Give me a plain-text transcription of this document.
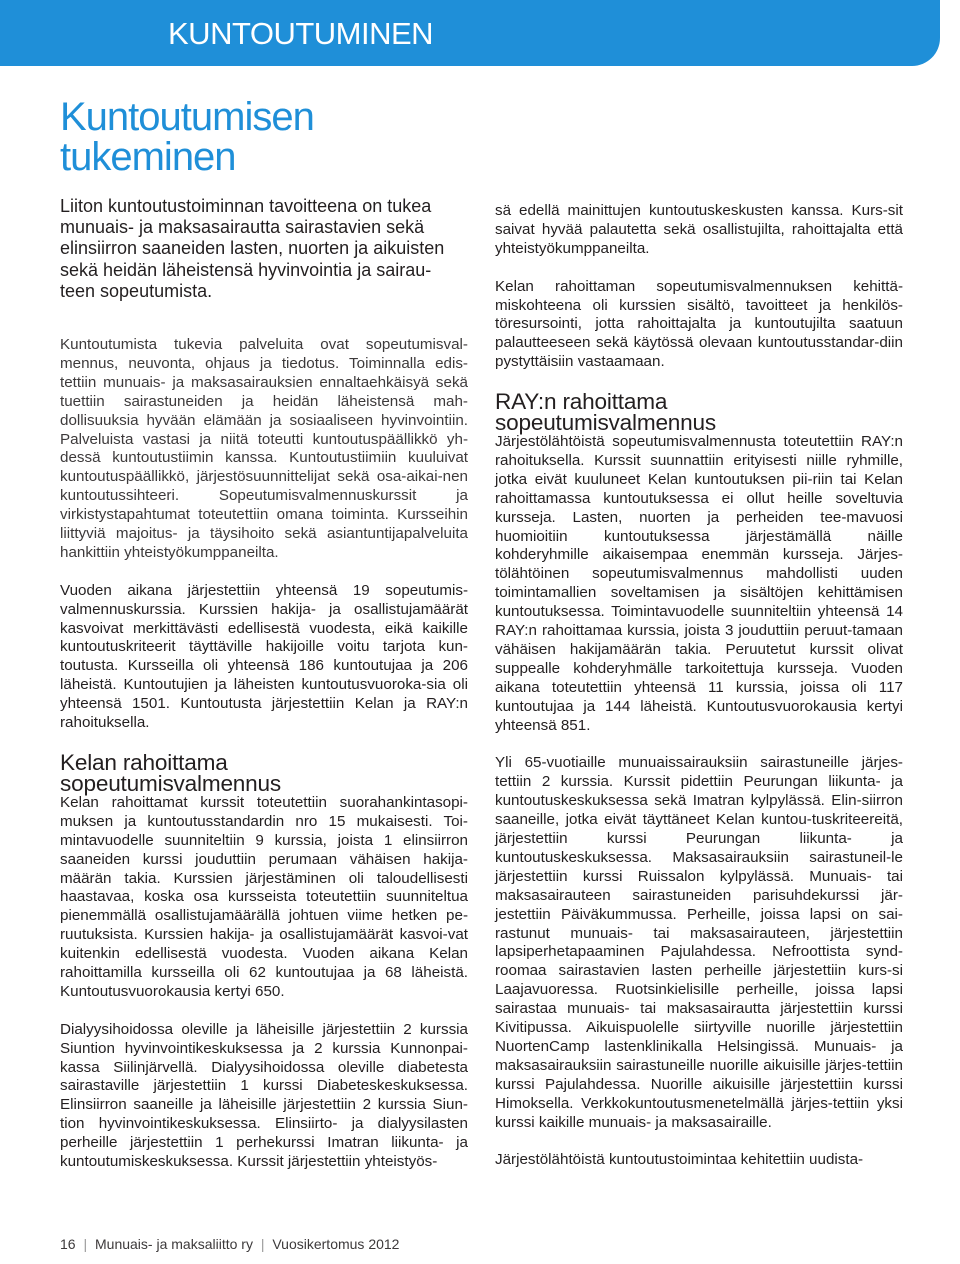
KUNTOUTUMINEN
Kuntoutumisen
tukeminen

Liiton kuntoutustoiminnan tavoitteena on tukea
munuais- ja maksasairautta sairastavien sekä
elinsiirron saaneiden lasten, nuorten ja aikuisten
sekä heidän läheistensä hyvinvointia ja sairau-
teen sopeutumista.

Kuntoutumista tukevia palveluita ovat sopeutumisval-mennus, neuvonta, ohjaus ja tiedotus. Toiminnalla edis-tettiin munuais- ja maksasairauksien ennaltaehkäisyä sekä tuettiin sairastuneiden ja heidän läheistensä mah-dollisuuksia hyvään elämään ja sosiaaliseen hyvinvointiin. Palveluista vastasi ja niitä toteutti kuntoutuspäällikkö yh-dessä kuntoutustiimin kanssa. Kuntoutustiimiin kuuluivat kuntoutuspäällikkö, järjestösuunnittelijat sekä osa-aikai-nen kuntoutussihteeri. Sopeutumisvalmennuskurssit ja virkistystapahtumat toteutettiin omana toiminta. Kursseihin liittyviä majoitus- ja täysihoito sekä asiantuntijapalveluita hankittiin yhteistyökumppaneilta.

Vuoden aikana järjestettiin yhteensä 19 sopeutumis-valmennuskurssia. Kurssien hakija- ja osallistujamäärät kasvoivat merkittävästi edellisestä vuodesta, eikä kaikille kuntoutuskriteerit täyttäville hakijoille voitu tarjota kun-toutusta. Kursseilla oli yhteensä 186 kuntoutujaa ja 206 läheistä. Kuntoutujien ja läheisten kuntoutusvuoroka-sia oli yhteensä 1501. Kuntoutusta järjestettiin Kelan ja RAY:n rahoituksella.

Kelan rahoittama
sopeutumisvalmennus

Kelan rahoittamat kurssit toteutettiin suorahankintasopi-muksen ja kuntoutusstandardin nro 15 mukaisesti. Toi-mintavuodelle suunniteltiin 9 kurssia, joista 1 elinsiirron saaneiden kurssi jouduttiin perumaan vähäisen hakija-määrän takia. Kurssien järjestäminen oli taloudellisesti haastavaa, koska osa kursseista toteutettiin suunniteltua pienemmällä osallistujamäärällä johtuen viime hetken pe-ruutuksista. Kurssien hakija- ja osallistujamäärät kasvoi-vat kuitenkin edellisestä vuodesta. Vuoden aikana Kelan rahoittamilla kursseilla oli 62 kuntoutujaa ja 68 läheistä. Kuntoutusvuorokausia kertyi 650.

Dialyysihoidossa oleville ja läheisille järjestettiin 2 kurssia Siuntion hyvinvointikeskuksessa ja 2 kurssia Kunnonpai-kassa Siilinjärvellä. Dialyysihoidossa oleville diabetesta sairastaville järjestettiin 1 kurssi Diabeteskeskuksessa. Elinsiirron saaneille ja läheisille järjestettiin 2 kurssia Siun-tion hyvinvointikeskuksessa. Elinsiirto- ja dialyysilasten perheille järjestettiin 1 perhekurssi Imatran liikunta- ja kuntoutumiskeskuksessa. Kurssit järjestettiin yhteistyös-

sä edellä mainittujen kuntoutuskeskusten kanssa. Kurs-sit saivat hyvää palautetta sekä osallistujilta, rahoittajalta että yhteistyökumppaneilta.

Kelan rahoittaman sopeutumisvalmennuksen kehittä-miskohteena oli kurssien sisältö, tavoitteet ja henkilös-töresursointi, jotta rahoittajalta ja kuntoutujilta saatuun palautteeseen sekä käytössä olevaan kuntoutusstandar-diin pystyttäisiin vastaamaan.

RAY:n rahoittama
sopeutumisvalmennus

Järjestölähtöistä sopeutumisvalmennusta toteutettiin RAY:n rahoituksella. Kurssit suunnattiin erityisesti niille ryhmille, jotka eivät kuuluneet Kelan kuntoutuksen pii-riin tai Kelan rahoittamassa kuntoutuksessa ei ollut heille soveltuvia kursseja. Lasten, nuorten ja perheiden tee-mavuosi huomioitiin kuntoutuksessa järjestämällä näille kohderyhmille aikaisempaa enemmän kursseja. Järjes-tölähtöinen sopeutumisvalmennus mahdollisti uuden toimintamallien soveltamisen ja sisältöjen kehittämisen kuntoutuksessa. Toimintavuodelle suunniteltiin yhteensä 14 RAY:n rahoittamaa kurssia, joista 3 jouduttiin peruut-tamaan vähäisen hakijamäärän takia. Peruutetut kurssit olivat suppealle kohderyhmälle tarkoitettuja kursseja. Vuoden aikana toteutettiin yhteensä 11 kurssia, joissa oli 117 kuntoutujaa ja 144 läheistä. Kuntoutusvuorokausia kertyi yhteensä 851.

Yli 65-vuotiaille munuaissairauksiin sairastuneille järjes-tettiin 2 kurssia. Kurssit pidettiin Peurungan liikunta- ja kuntoutuskeskuksessa sekä Imatran kylpylässä. Elin-siirron saaneille, jotka eivät täyttäneet Kelan kuntou-tuskriteereitä, järjestettiin kurssi Peurungan liikunta- ja kuntoutuskeskuksessa. Maksasairauksiin sairastuneil-le järjestettiin kurssi Ruissalon kylpylässä. Munuais- tai maksasairauteen sairastuneiden parisuhdekurssi jär-jestettiin Päiväkummussa. Perheille, joissa lapsi on sai-rastunut munuais- tai maksasairauteen, järjestettiin lapsiperhetapaaminen Pajulahdessa. Nefroottista synd-roomaa sairastavien lasten perheille järjestettiin kurs-si Laajavuoressa. Ruotsinkielisille perheille, joissa lapsi sairastaa munuais- tai maksasairautta järjestettiin kurssi Kivitipussa. Aikuispuolelle siirtyville nuorille järjestettiin NuortenCamp lastenklinikalla Helsingissä. Munuais- ja maksasairauksiin sairastuneille nuorille aikuisille järjes-tettiin kurssi Pajulahdessa. Nuorille aikuisille järjestettiin kurssi Himoksella. Verkkokuntoutusmenetelmällä järjes-tettiin yksi kurssi kaikille munuais- ja maksasairaille.

Järjestölähtöistä kuntoutustoimintaa kehitettiin uudista-

16 | Munuais- ja maksaliitto ry | Vuosikertomus 2012
